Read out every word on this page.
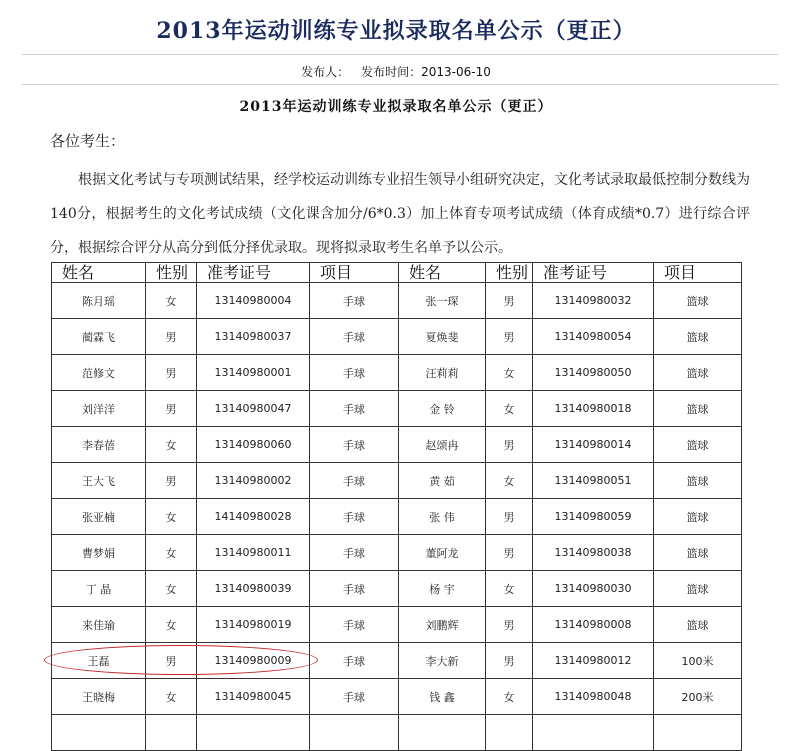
2013年运动训练专业拟录取名单公示（更正）
发布人： 发布时间：2013-06-10
2013年运动训练专业拟录取名单公示（更正）
各位考生：

根据文化考试与专项测试结果，经学校运动训练专业招生领导小组研究决定，文化考试录取最低控制分数线为140分，根据考生的文化考试成绩（文化课含加分/6*0.3）加上体育专项考试成绩（体育成绩*0.7）进行综合评分，根据综合评分从高分到低分择优录取。现将拟录取考生名单予以公示。

姓名	性别	准考证号	项目	姓名	性别	准考证号	项目
陈月瑶	女	13140980004	手球	张一琛	男	13140980032	篮球
蔺霖飞	男	13140980037	手球	夏焕斐	男	13140980054	篮球
范修文	男	13140980001	手球	汪莉莉	女	13140980050	篮球
刘洋洋	男	13140980047	手球	金 铃	女	13140980018	篮球
李春蓓	女	13140980060	手球	赵颂冉	男	13140980014	篮球
王大飞	男	13140980002	手球	黄 茹	女	13140980051	篮球
张亚楠	女	14140980028	手球	张 伟	男	13140980059	篮球
曹梦娟	女	13140980011	手球	董阿龙	男	13140980038	篮球
丁 晶	女	13140980039	手球	杨 宇	女	13140980030	篮球
来佳瑜	女	13140980019	手球	刘鹏辉	男	13140980008	篮球
王磊	男	13140980009	手球	李大新	男	13140980012	100米
王晓梅	女	13140980045	手球	钱 鑫	女	13140980048	200米
